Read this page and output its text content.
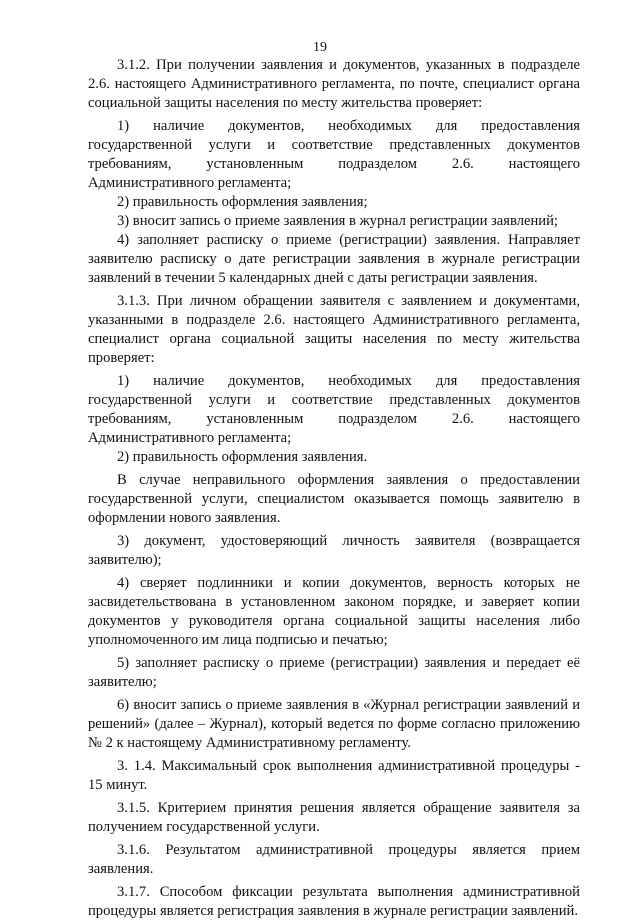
19

3.1.2. При получении заявления и документов, указанных в подразделе 2.6. настоящего Административного регламента, по почте, специалист органа социальной защиты населения по месту жительства проверяет:

1) наличие документов, необходимых для предоставления государственной услуги и соответствие представленных документов требованиям, установленным подразделом 2.6. настоящего Административного регламента;

2) правильность оформления заявления;

3) вносит запись о приеме заявления в журнал регистрации заявлений;

4) заполняет расписку о приеме (регистрации) заявления. Направляет заявителю расписку о дате регистрации заявления в журнале регистрации заявлений в течении 5 календарных дней с даты регистрации заявления.

3.1.3. При личном обращении заявителя с заявлением и документами, указанными в подразделе 2.6. настоящего Административного регламента, специалист органа социальной защиты населения по месту жительства проверяет:

1) наличие документов, необходимых для предоставления государственной услуги и соответствие представленных документов требованиям, установленным подразделом 2.6. настоящего Административного регламента;

2) правильность оформления заявления.

В случае неправильного оформления заявления о предоставлении государственной услуги, специалистом оказывается помощь заявителю в оформлении нового заявления.

3) документ, удостоверяющий личность заявителя (возвращается заявителю);

4) сверяет подлинники и копии документов, верность которых не засвидетельствована в установленном законом порядке, и заверяет копии документов у руководителя органа социальной защиты населения либо уполномоченного им лица подписью и печатью;

5) заполняет расписку о приеме (регистрации) заявления и передает её заявителю;

6) вносит запись о приеме заявления в «Журнал регистрации заявлений и решений» (далее – Журнал), который ведется по форме согласно приложению № 2 к настоящему Административному регламенту.

3. 1.4. Максимальный срок выполнения административной процедуры - 15 минут.

3.1.5. Критерием принятия решения является обращение заявителя за получением государственной услуги.

3.1.6. Результатом административной процедуры является прием заявления.

3.1.7. Способом фиксации результата выполнения административной процедуры является регистрация заявления в журнале регистрации заявлений.
